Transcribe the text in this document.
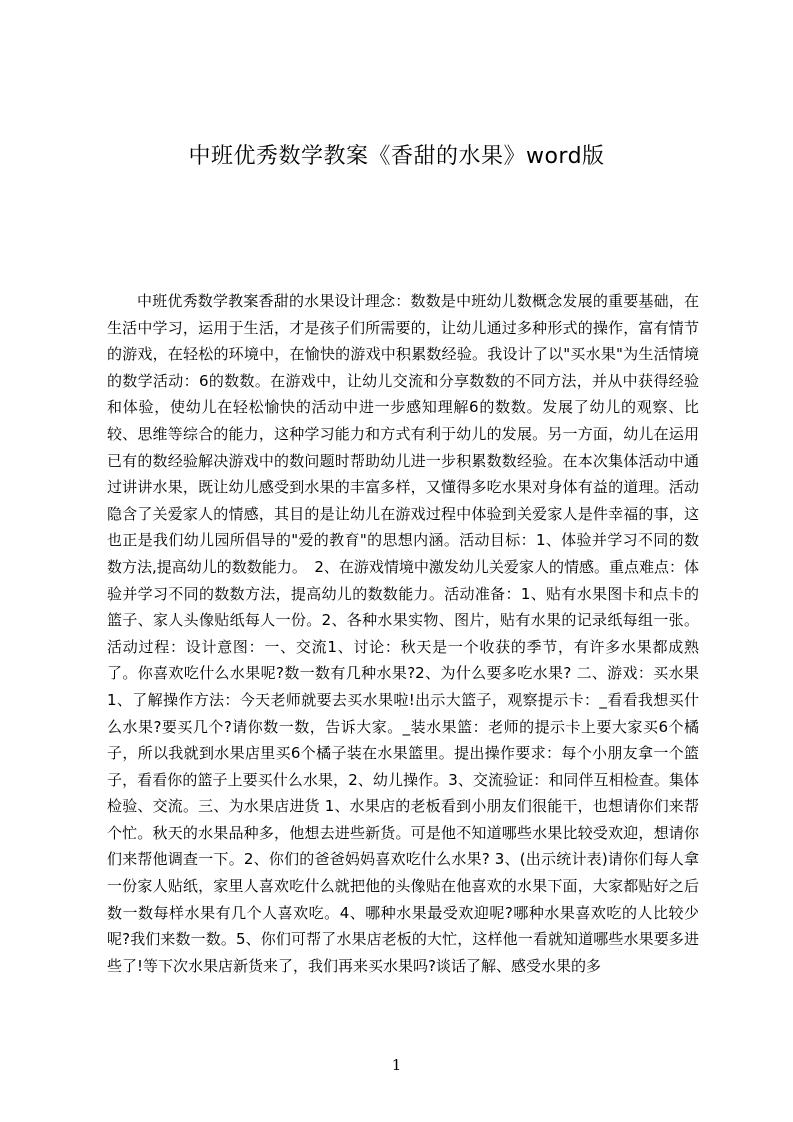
中班优秀数学教案《香甜的水果》word版

中班优秀数学教案香甜的水果设计理念：数数是中班幼儿数概念发展的重要基础，在生活中学习，运用于生活，才是孩子们所需要的，让幼儿通过多种形式的操作，富有情节的游戏，在轻松的环境中，在愉快的游戏中积累数经验。我设计了以"买水果"为生活情境的数学活动：6的数数。在游戏中，让幼儿交流和分享数数的不同方法，并从中获得经验和体验，使幼儿在轻松愉快的活动中进一步感知理解6的数数。发展了幼儿的观察、比较、思维等综合的能力，这种学习能力和方式有利于幼儿的发展。另一方面，幼儿在运用已有的数经验解决游戏中的数问题时帮助幼儿进一步积累数数经验。在本次集体活动中通过讲讲水果，既让幼儿感受到水果的丰富多样，又懂得多吃水果对身体有益的道理。活动隐含了关爱家人的情感，其目的是让幼儿在游戏过程中体验到关爱家人是件幸福的事，这也正是我们幼儿园所倡导的"爱的教育"的思想内涵。活动目标：1、体验并学习不同的数数方法,提高幼儿的数数能力。　2、在游戏情境中激发幼儿关爱家人的情感。重点难点：体验并学习不同的数数方法，提高幼儿的数数能力。活动准备：1、贴有水果图卡和点卡的篮子、家人头像贴纸每人一份。2、各种水果实物、图片，贴有水果的记录纸每组一张。活动过程：设计意图：一、交流1、讨论：秋天是一个收获的季节，有许多水果都成熟了。你喜欢吃什么水果呢?数一数有几种水果?2、为什么要多吃水果? 二、游戏：买水果 1、了解操作方法：今天老师就要去买水果啦!出示大篮子，观察提示卡：_看看我想买什么水果?要买几个?请你数一数，告诉大家。_装水果篮：老师的提示卡上要大家买6个橘子，所以我就到水果店里买6个橘子装在水果篮里。提出操作要求：每个小朋友拿一个篮子，看看你的篮子上要买什么水果，2、幼儿操作。3、交流验证：和同伴互相检查。集体检验、交流。三、为水果店进货 1、水果店的老板看到小朋友们很能干，也想请你们来帮个忙。秋天的水果品种多，他想去进些新货。可是他不知道哪些水果比较受欢迎，想请你们来帮他调查一下。2、你们的爸爸妈妈喜欢吃什么水果? 3、(出示统计表)请你们每人拿一份家人贴纸，家里人喜欢吃什么就把他的头像贴在他喜欢的水果下面，大家都贴好之后数一数每样水果有几个人喜欢吃。4、哪种水果最受欢迎呢?哪种水果喜欢吃的人比较少呢?我们来数一数。5、你们可帮了水果店老板的大忙，这样他一看就知道哪些水果要多进些了!等下次水果店新货来了，我们再来买水果吗?谈话了解、感受水果的多

1
